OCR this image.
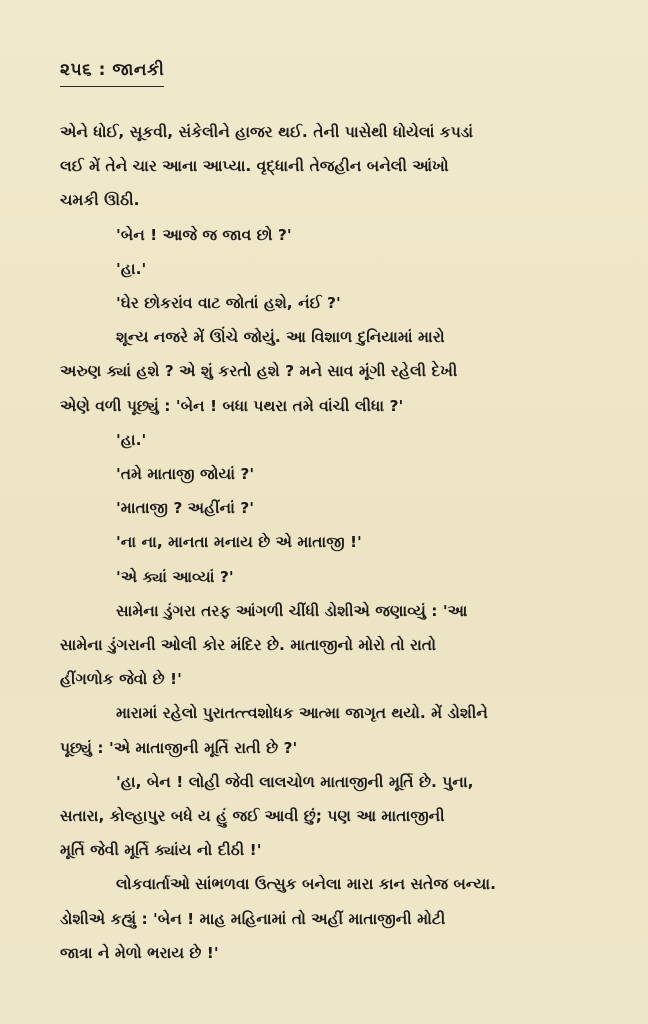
૨૫૬ : જાનકી

એને ધોઈ, સૂકવી, સંકેલીને હાજર થઈ. તેની પાસેથી ધોયેલાં કપડાં

લઈ મેં તેને ચાર આના આપ્યા. વૃદ્ધાની તેજહીન બનેલી આંખો

ચમકી ઊઠી.

'બેન ! આજે જ જાવ છો ?'

'હા.'

'ઘેર છોકરાંવ વાટ જોતાં હશે, નંઈ ?'

શૂન્ય નજરે મેં ઊંચે જોયું. આ વિશાળ દુનિયામાં મારો

અરુણ ક્યાં હશે ? એ શું કરતો હશે ? મને સાવ મૂંગી રહેલી દેખી

એણે વળી પૂછ્યું : 'બેન ! બધા પથરા તમે વાંચી લીધા ?'

'હા.'

'તમે માતાજી જોયાં ?'

'માતાજી ? અહીંનાં ?'

'ના ના, માનતા મનાય છે એ માતાજી !'

'એ ક્યાં આવ્યાં ?'

સામેના ડુંગરા તરફ આંગળી ચીંધી ડોશીએ જણાવ્યું : 'આ

સામેના ડુંગરાની ઓલી કોર મંદિર છે. માતાજીનો મોરો તો રાતો

હીંગળોક જેવો છે !'

મારામાં રહેલો પુરાતત્ત્વશોધક આત્મા જાગૃત થયો. મેં ડોશીને

પૂછ્યું : 'એ માતાજીની મૂર્તિ રાતી છે ?'

'હા, બેન ! લોહી જેવી લાલચોળ માતાજીની મૂર્તિ છે. પુના,

સતારા, કોલ્હાપુર બધે ય હું જઈ આવી છું; પણ આ માતાજીની

મૂર્તિ જેવી મૂર્તિ ક્યાંય નો દીઠી !'

લોકવાર્તાઓ સાંભળવા ઉત્સુક બનેલા મારા કાન સતેજ બન્યા.

ડોશીએ કહ્યું : 'બેન ! માહ મહિનામાં તો અહીં માતાજીની મોટી

જાત્રા ને મેળો ભરાય છે !'
